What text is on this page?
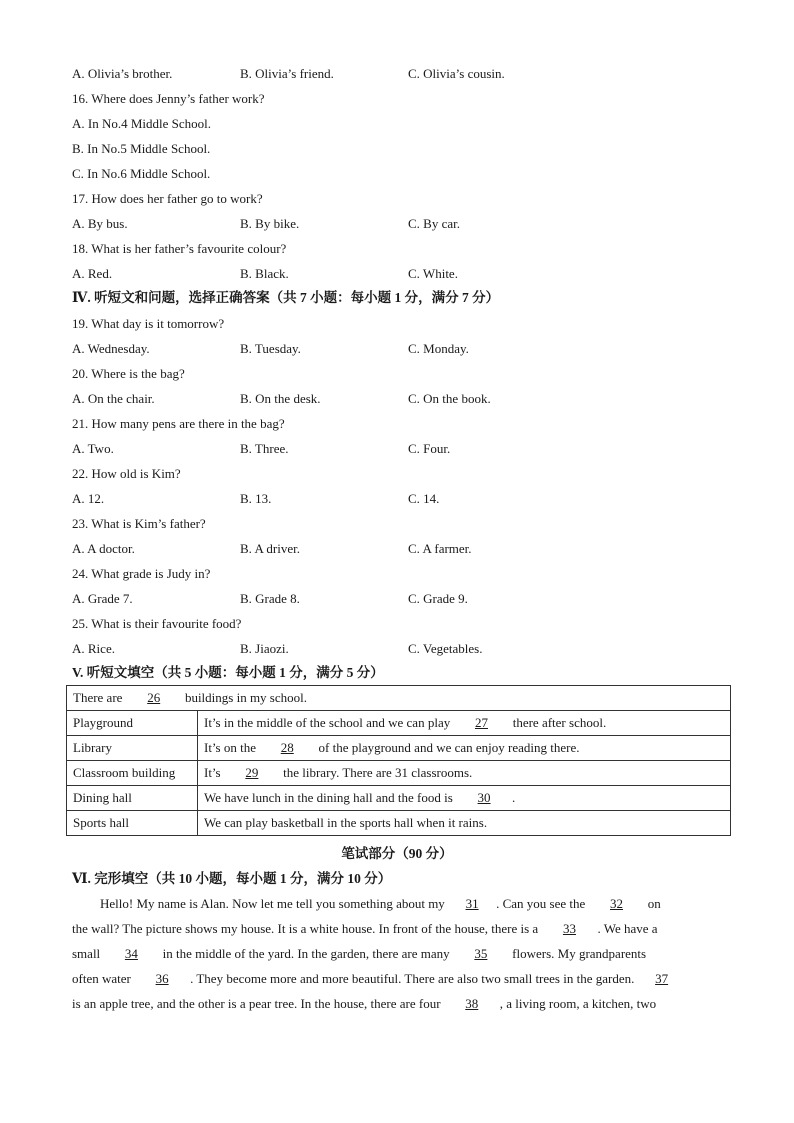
A. Olivia’s brother.	B. Olivia’s friend.	C. Olivia’s cousin.
16. Where does Jenny’s father work?
A. In No.4 Middle School.
B. In No.5 Middle School.
C. In No.6 Middle School.
17. How does her father go to work?
A. By bus.	B. By bike.	C. By car.
18. What is her father’s favourite colour?
A. Red.	B. Black.	C. White.
Ⅳ. 听短文和问题，选择正确答案（共 7 小题：每小题 1 分，满分 7 分）
19. What day is it tomorrow?
A. Wednesday.	B. Tuesday.	C. Monday.
20. Where is the bag?
A. On the chair.	B. On the desk.	C. On the book.
21. How many pens are there in the bag?
A. Two.	B. Three.	C. Four.
22. How old is Kim?
A. 12.	B. 13.	C. 14.
23. What is Kim’s father?
A. A doctor.	B. A driver.	C. A farmer.
24. What grade is Judy in?
A. Grade 7.	B. Grade 8.	C. Grade 9.
25. What is their favourite food?
A. Rice.	B. Jiaozi.	C. Vegetables.
V. 听短文填空（共 5 小题：每小题 1 分，满分 5 分）
There are 26 buildings in my school.	
Playground	It’s in the middle of the school and we can play 27 there after school.
Library	It’s on the 28 of the playground and we can enjoy reading there.
Classroom building	It’s 29 the library. There are 31 classrooms.
Dining hall	We have lunch in the dining hall and the food is 30 .
Sports hall	We can play basketball in the sports hall when it rains.
笔试部分（90 分）
Ⅵ. 完形填空（共 10 小题，每小题 1 分，满分 10 分）
Hello! My name is Alan. Now let me tell you something about my 31 . Can you see the 32 on
the wall? The picture shows my house. It is a white house. In front of the house, there is a 33 . We have a
small 34 in the middle of the yard. In the garden, there are many 35 flowers. My grandparents
often water 36 . They become more and more beautiful. There are also two small trees in the garden. 37
is an apple tree, and the other is a pear tree. In the house, there are four 38 , a living room, a kitchen, two
